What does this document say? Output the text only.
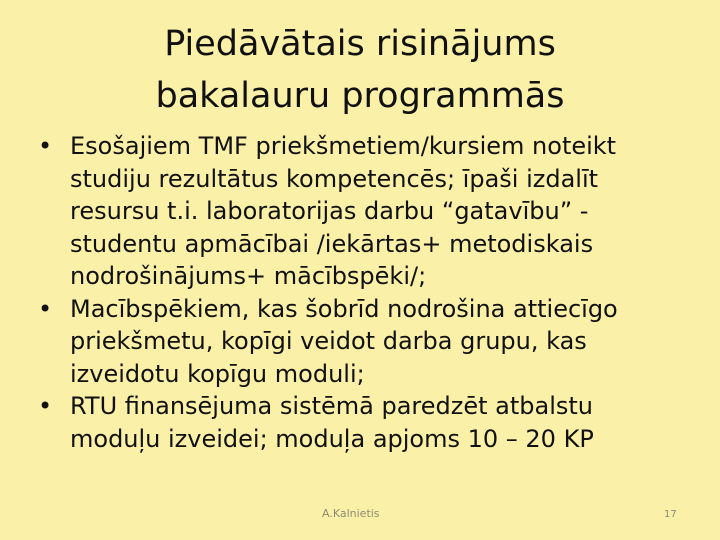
Piedāvātais risinājums
bakalauru programmās
• Esošajiem TMF priekšmetiem/kursiem noteikt studiju rezultātus kompetencēs; īpaši izdalīt resursu t.i. laboratorijas darbu “gatavību” - studentu apmācībai /iekārtas+ metodiskais nodrošinājums+ mācībspēki/;
• Macībspēkiem, kas šobrīd nodrošina attiecīgo priekšmetu, kopīgi veidot darba grupu, kas izveidotu kopīgu moduli;
• RTU finansējuma sistēmā paredzēt atbalstu moduļu izveidei; moduļa apjoms 10 – 20 KP
A.Kalnietis	17
